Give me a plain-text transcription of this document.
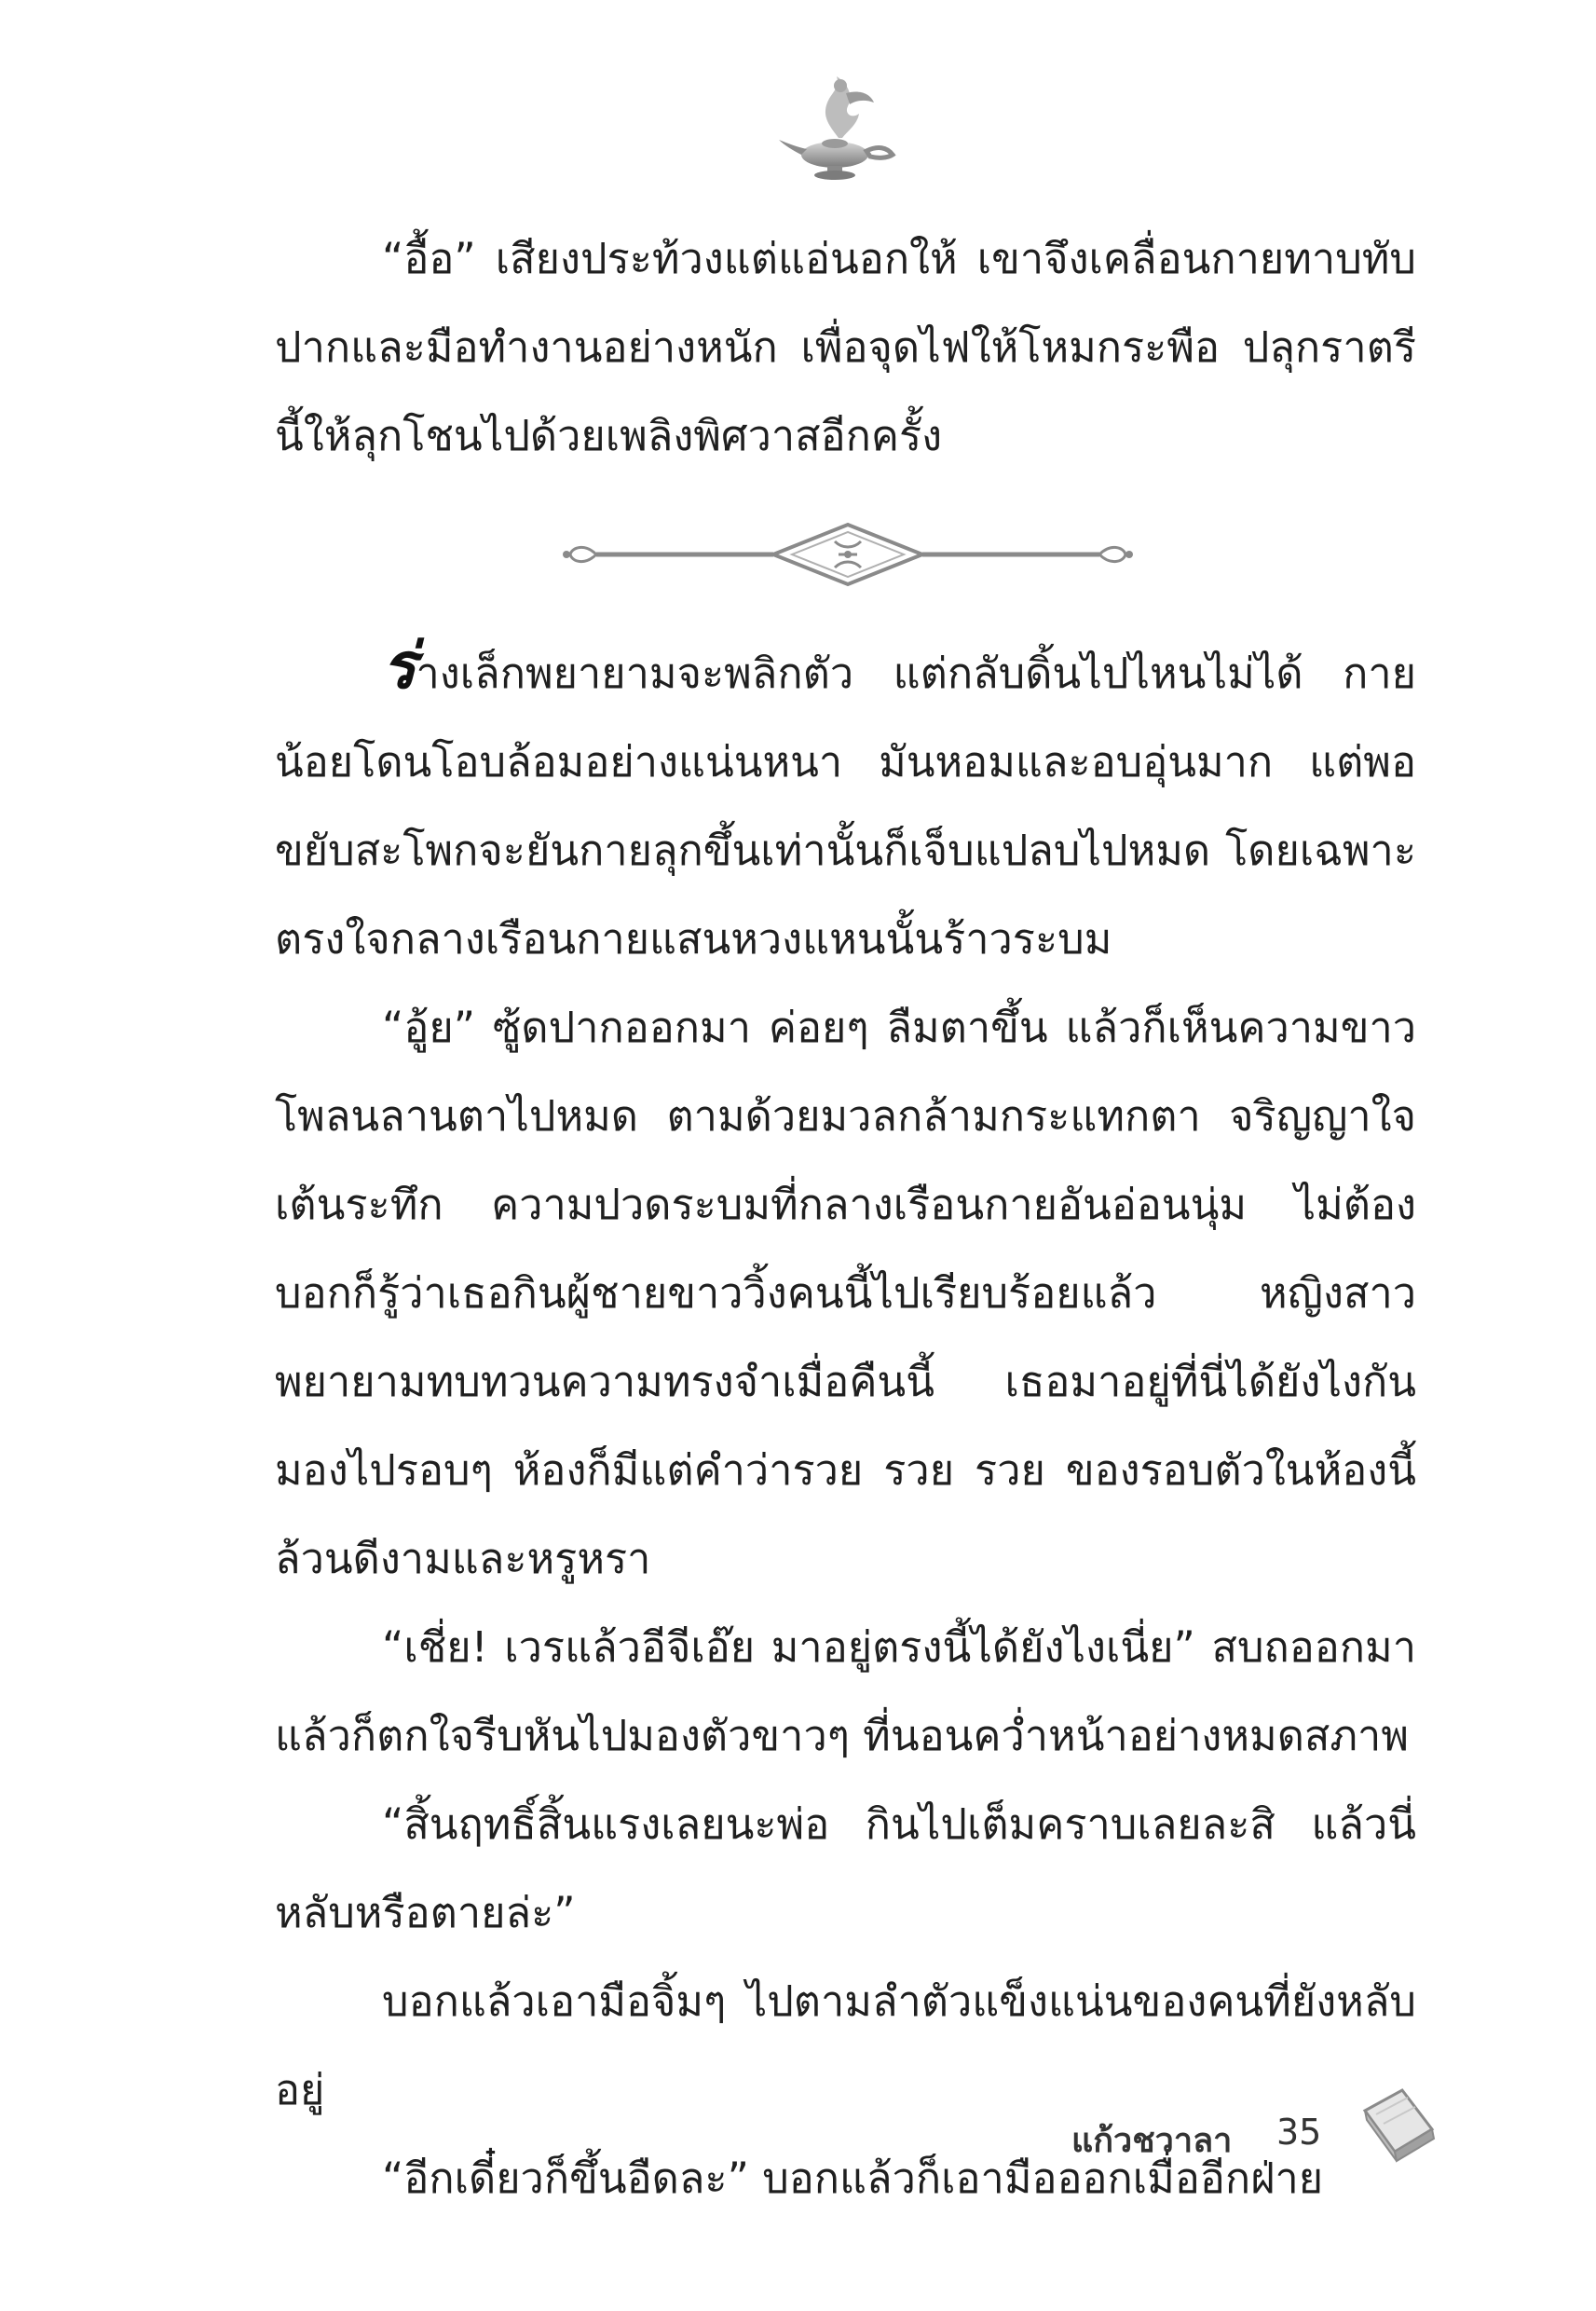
“อื้อ” เสียงประท้วงแต่แอ่นอกให้ เขาจึงเคลื่อนกายทาบทับปากและมือทำงานอย่างหนัก เพื่อจุดไฟให้โหมกระพือ ปลุกราตรีนี้ให้ลุกโชนไปด้วยเพลิงพิศวาสอีกครั้ง

ร่างเล็กพยายามจะพลิกตัว แต่กลับดิ้นไปไหนไม่ได้ กายน้อยโดนโอบล้อมอย่างแน่นหนา มันหอมและอบอุ่นมาก แต่พอขยับสะโพกจะยันกายลุกขึ้นเท่านั้นก็เจ็บแปลบไปหมด โดยเฉพาะตรงใจกลางเรือนกายแสนหวงแหนนั้นร้าวระบม

“อู้ย” ซู้ดปากออกมา ค่อยๆ ลืมตาขึ้น แล้วก็เห็นความขาวโพลนลานตาไปหมด ตามด้วยมวลกล้ามกระแทกตา จริญญาใจเต้นระทึก ความปวดระบมที่กลางเรือนกายอันอ่อนนุ่ม ไม่ต้องบอกก็รู้ว่าเธอกินผู้ชายขาววิ้งคนนี้ไปเรียบร้อยแล้ว หญิงสาวพยายามทบทวนความทรงจำเมื่อคืนนี้ เธอมาอยู่ที่นี่ได้ยังไงกันมองไปรอบๆ ห้องก็มีแต่คำว่ารวย รวย รวย ของรอบตัวในห้องนี้ล้วนดีงามและหรูหรา

“เชี่ย! เวรแล้วอีจีเอ๊ย มาอยู่ตรงนี้ได้ยังไงเนี่ย” สบถออกมาแล้วก็ตกใจรีบหันไปมองตัวขาวๆ ที่นอนคว่ำหน้าอย่างหมดสภาพ

“สิ้นฤทธิ์สิ้นแรงเลยนะพ่อ กินไปเต็มคราบเลยละสิ แล้วนี่หลับหรือตายล่ะ”

บอกแล้วเอามือจิ้มๆ ไปตามลำตัวแข็งแน่นของคนที่ยังหลับอยู่

“อีกเดี๋ยวก็ขึ้นอืดละ” บอกแล้วก็เอามือออกเมื่ออีกฝ่าย

แก้วชวาลา 35
